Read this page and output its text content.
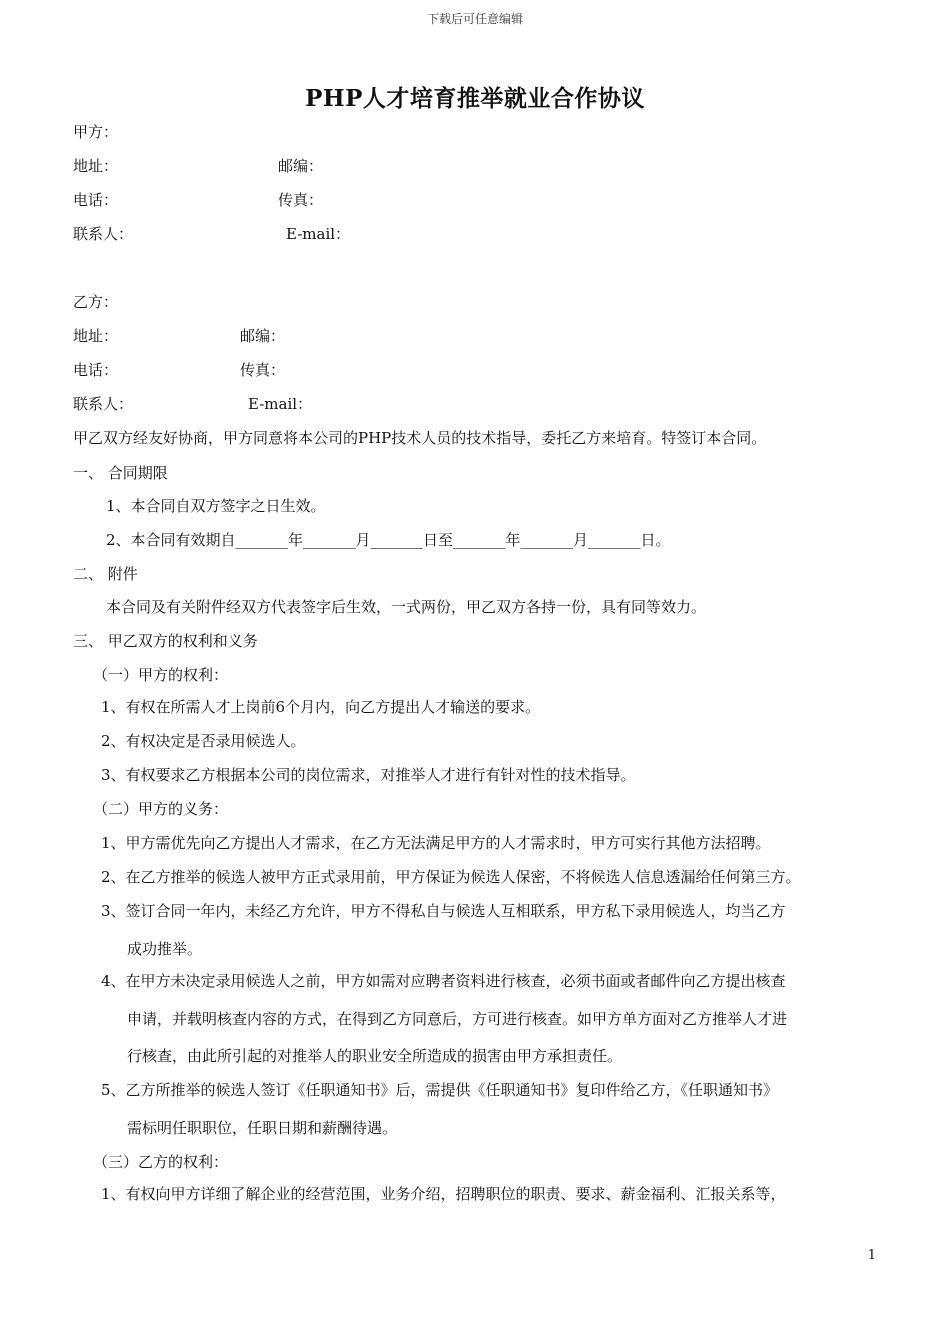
下载后可任意编辑
PHP人才培育推举就业合作协议
甲方：
地址：	邮编：
电话：	传真：
联系人：	E-mail：
乙方：
地址：	邮编：
电话：	传真：
联系人：	E-mail：
甲乙双方经友好协商，甲方同意将本公司的PHP技术人员的技术指导，委托乙方来培育。特签订本合同。
一、 合同期限
1、本合同自双方签字之日生效。
2、本合同有效期自_______年_______月_______日至_______年_______月_______日。
二、 附件
本合同及有关附件经双方代表签字后生效，一式两份，甲乙双方各持一份，具有同等效力。
三、 甲乙双方的权利和义务
（一）甲方的权利：
1、有权在所需人才上岗前6个月内，向乙方提出人才输送的要求。
2、有权决定是否录用候选人。
3、有权要求乙方根据本公司的岗位需求，对推举人才进行有针对性的技术指导。
（二）甲方的义务：
1、甲方需优先向乙方提出人才需求，在乙方无法满足甲方的人才需求时，甲方可实行其他方法招聘。
2、在乙方推举的候选人被甲方正式录用前，甲方保证为候选人保密，不将候选人信息透漏给任何第三方。
3、签订合同一年内，未经乙方允许，甲方不得私自与候选人互相联系，甲方私下录用候选人，均当乙方
成功推举。
4、在甲方未决定录用候选人之前，甲方如需对应聘者资料进行核查，必须书面或者邮件向乙方提出核查
申请，并载明核查内容的方式，在得到乙方同意后，方可进行核查。如甲方单方面对乙方推举人才进
行核查，由此所引起的对推举人的职业安全所造成的损害由甲方承担责任。
5、乙方所推举的候选人签订《任职通知书》后，需提供《任职通知书》复印件给乙方，《任职通知书》
需标明任职职位，任职日期和薪酬待遇。
（三）乙方的权利：
1、有权向甲方详细了解企业的经营范围，业务介绍，招聘职位的职责、要求、薪金福利、汇报关系等，
1
